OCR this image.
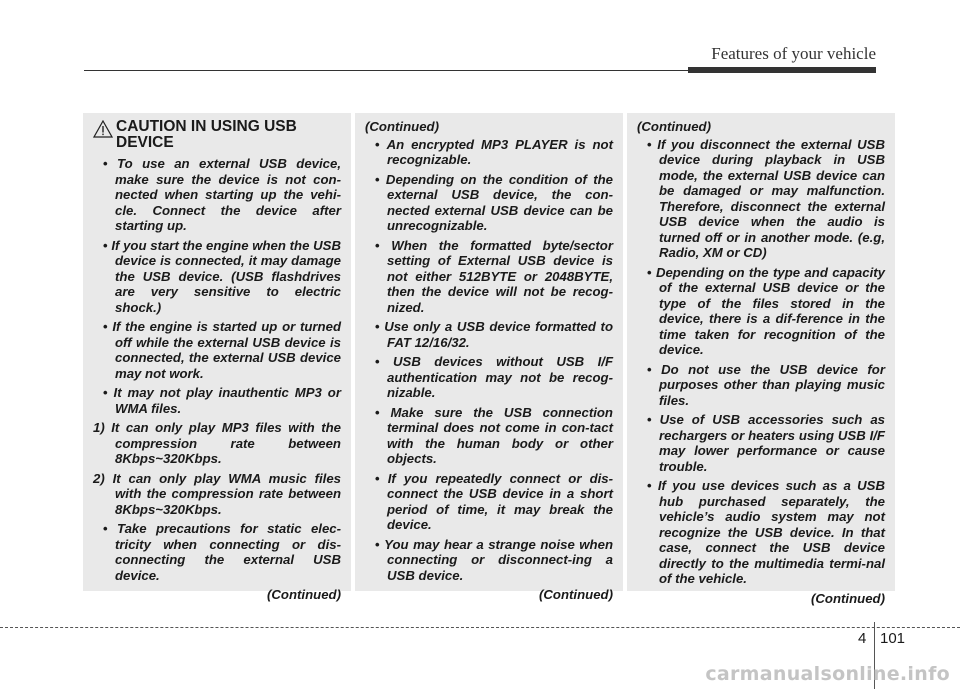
Features of your vehicle
CAUTION IN USING USB DEVICE
• To use an external USB device, make sure the device is not con-nected when starting up the vehi-cle. Connect the device after starting up.
• If you start the engine when the USB device is connected, it may damage the USB device. (USB flashdrives are very sensitive to electric shock.)
• If the engine is started up or turned off while the external USB device is connected, the external USB device may not work.
• It may not play inauthentic MP3 or WMA files.
1) It can only play MP3 files with the compression rate between 8Kbps~320Kbps.
2) It can only play WMA music files with the compression rate between 8Kbps~320Kbps.
• Take precautions for static elec-tricity when connecting or dis-connecting the external USB device.
(Continued)
(Continued)
• An encrypted MP3 PLAYER is not recognizable.
• Depending on the condition of the external USB device, the con-nected external USB device can be unrecognizable.
• When the formatted byte/sector setting of External USB device is not either 512BYTE or 2048BYTE, then the device will not be recog-nized.
• Use only a USB device formatted to FAT 12/16/32.
• USB devices without USB I/F authentication may not be recog-nizable.
• Make sure the USB connection terminal does not come in con-tact with the human body or other objects.
• If you repeatedly connect or dis-connect the USB device in a short period of time, it may break the device.
• You may hear a strange noise when connecting or disconnect-ing a USB device.
(Continued)
(Continued)
• If you disconnect the external USB device during playback in USB mode, the external USB device can be damaged or may malfunction. Therefore, disconnect the external USB device when the audio is turned off or in another mode. (e.g, Radio, XM or CD)
• Depending on the type and capacity of the external USB device or the type of the files stored in the device, there is a dif-ference in the time taken for recognition of the device.
• Do not use the USB device for purposes other than playing music files.
• Use of USB accessories such as rechargers or heaters using USB I/F may lower performance or cause trouble.
• If you use devices such as a USB hub purchased separately, the vehicle’s audio system may not recognize the USB device. In that case, connect the USB device directly to the multimedia termi-nal of the vehicle.
(Continued)
4 101
carmanualsonline.info
